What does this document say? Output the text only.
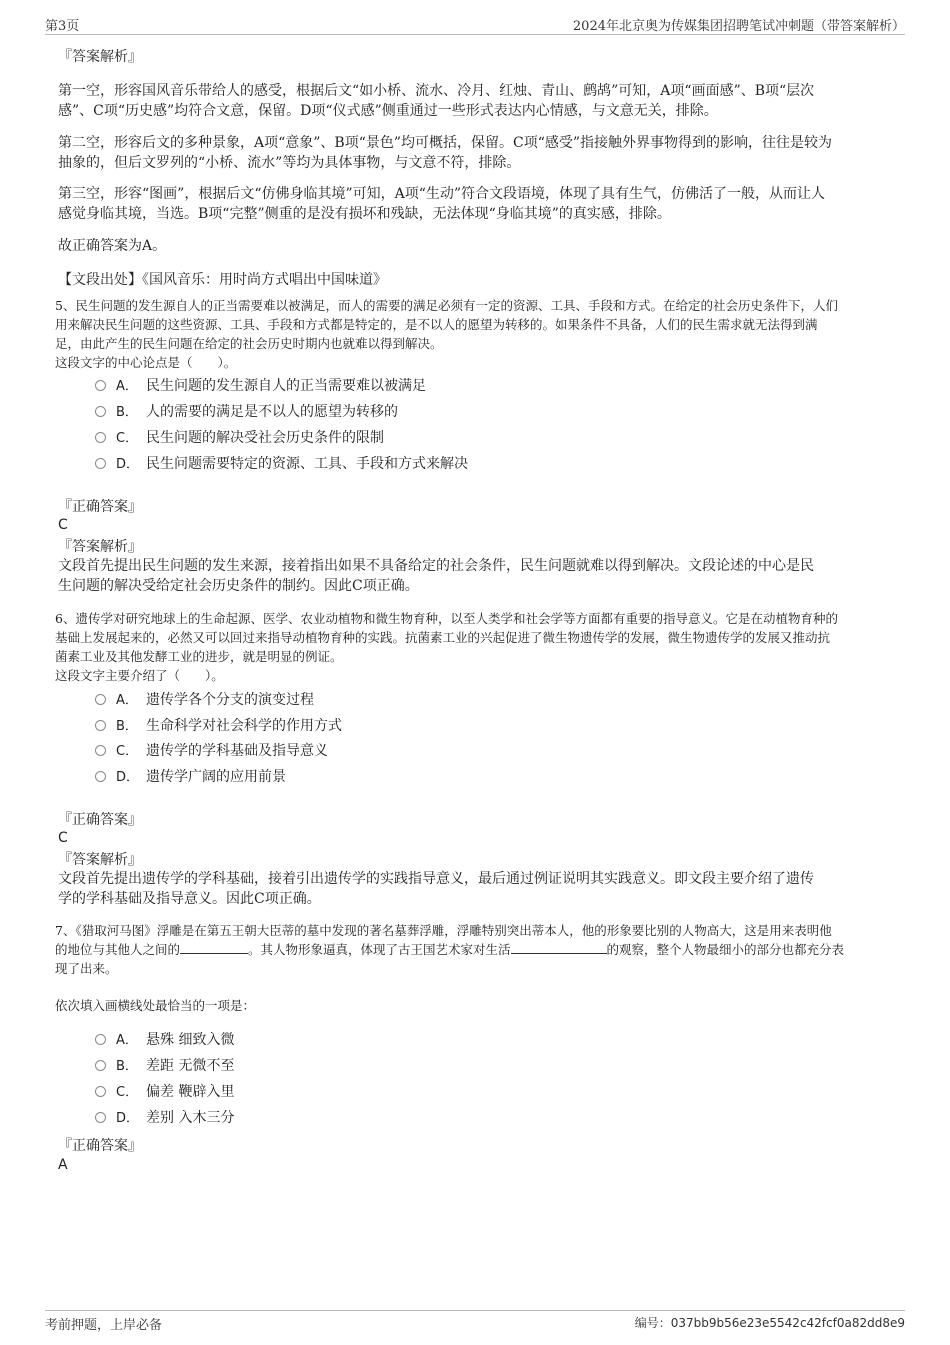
第3页	2024年北京奥为传媒集团招聘笔试冲刺题（带答案解析）
『答案解析』

第一空，形容国风音乐带给人的感受，根据后文“如小桥、流水、冷月、红烛、青山、鹧鸪”可知，A项“画面感”、B项“层次

感”、C项“历史感”均符合文意，保留。D项“仪式感”侧重通过一些形式表达内心情感，与文意无关，排除。

第二空，形容后文的多种景象，A项“意象”、B项“景色”均可概括，保留。C项“感受”指接触外界事物得到的影响，往往是较为

抽象的，但后文罗列的“小桥、流水”等均为具体事物，与文意不符，排除。

第三空，形容“图画”，根据后文“仿佛身临其境”可知，A项“生动”符合文段语境，体现了具有生气，仿佛活了一般，从而让人

感觉身临其境，当选。B项“完整”侧重的是没有损坏和残缺，无法体现“身临其境”的真实感，排除。

故正确答案为A。
【文段出处】《国风音乐：用时尚方式唱出中国味道》

5、民生问题的发生源自人的正当需要难以被满足，而人的需要的满足必须有一定的资源、工具、手段和方式。在给定的社会历史条件下，人们

用来解决民生问题的这些资源、工具、手段和方式都是特定的，是不以人的愿望为转移的。如果条件不具备，人们的民生需求就无法得到满

足，由此产生的民生问题在给定的社会历史时期内也就难以得到解决。

这段文字的中心论点是（　　）。

A． 民生问题的发生源自人的正当需要难以被满足
B． 人的需要的满足是不以人的愿望为转移的
C． 民生问题的解决受社会历史条件的限制
D． 民生问题需要特定的资源、工具、手段和方式来解决
『正确答案』
C
『答案解析』

文段首先提出民生问题的发生来源，接着指出如果不具备给定的社会条件，民生问题就难以得到解决。文段论述的中心是民

生问题的解决受给定社会历史条件的制约。因此C项正确。

6、遗传学对研究地球上的生命起源、医学、农业动植物和微生物育种，以至人类学和社会学等方面都有重要的指导意义。它是在动植物育种的

基础上发展起来的，必然又可以回过来指导动植物育种的实践。抗菌素工业的兴起促进了微生物遗传学的发展，微生物遗传学的发展又推动抗

菌素工业及其他发酵工业的进步，就是明显的例证。

这段文字主要介绍了（　　）。

A． 遗传学各个分支的演变过程
B． 生命科学对社会科学的作用方式
C． 遗传学的学科基础及指导意义
D． 遗传学广阔的应用前景
『正确答案』
C
『答案解析』

文段首先提出遗传学的学科基础，接着引出遗传学的实践指导意义，最后通过例证说明其实践意义。即文段主要介绍了遗传

学的学科基础及指导意义。因此C项正确。

7、《猎取河马图》浮雕是在第五王朝大臣蒂的墓中发现的著名墓葬浮雕，浮雕特别突出蒂本人，他的形象要比别的人物高大，这是用来表明他

的地位与其他人之间的	。其人物形象逼真，体现了古王国艺术家对生活	的观察，整个人物最细小的部分也都充分表

现了出来。

依次填入画横线处最恰当的一项是：
A． 悬殊 细致入微
B． 差距 无微不至
C． 偏差 鞭辟入里
D． 差别 入木三分
『正确答案』
A
考前押题，上岸必备	编号：037bb9b56e23e5542c42fcf0a82dd8e9
